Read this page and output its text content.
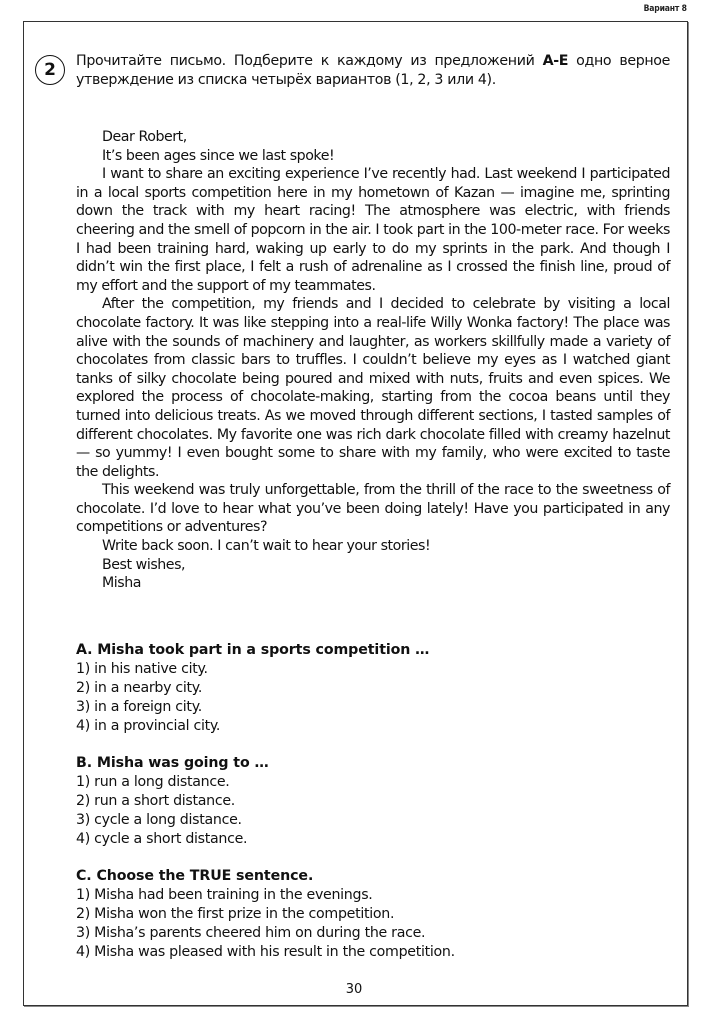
Вариант 8
2 Прочитайте письмо. Подберите к каждому из предложений A-E одно верное утверждение из списка четырёх вариантов (1, 2, 3 или 4).

Dear Robert,

It’s been ages since we last spoke!

I want to share an exciting experience I’ve recently had. Last weekend I participated in a local sports competition here in my hometown of Kazan — imagine me, sprinting down the track with my heart racing! The atmosphere was electric, with friends cheering and the smell of popcorn in the air. I took part in the 100-meter race. For weeks I had been training hard, waking up early to do my sprints in the park. And though I didn’t win the first place, I felt a rush of adrenaline as I crossed the finish line, proud of my effort and the support of my teammates.

After the competition, my friends and I decided to celebrate by visiting a local chocolate factory. It was like stepping into a real-life Willy Wonka factory! The place was alive with the sounds of machinery and laughter, as workers skillfully made a variety of chocolates from classic bars to truffles. I couldn’t believe my eyes as I watched giant tanks of silky chocolate being poured and mixed with nuts, fruits and even spices. We explored the process of chocolate-making, starting from the cocoa beans until they turned into delicious treats. As we moved through different sections, I tasted samples of different chocolates. My favorite one was rich dark chocolate filled with creamy hazelnut — so yummy! I even bought some to share with my family, who were excited to taste the delights.

This weekend was truly unforgettable, from the thrill of the race to the sweetness of chocolate. I’d love to hear what you’ve been doing lately! Have you participated in any competitions or adventures?

Write back soon. I can’t wait to hear your stories!

Best wishes,

Misha

A. Misha took part in a sports competition …
1) in his native city.
2) in a nearby city.
3) in a foreign city.
4) in a provincial city.
B. Misha was going to …
1) run a long distance.
2) run a short distance.
3) cycle a long distance.
4) cycle a short distance.
C. Choose the TRUE sentence.
1) Misha had been training in the evenings.
2) Misha won the first prize in the competition.
3) Misha’s parents cheered him on during the race.
4) Misha was pleased with his result in the competition.
30
